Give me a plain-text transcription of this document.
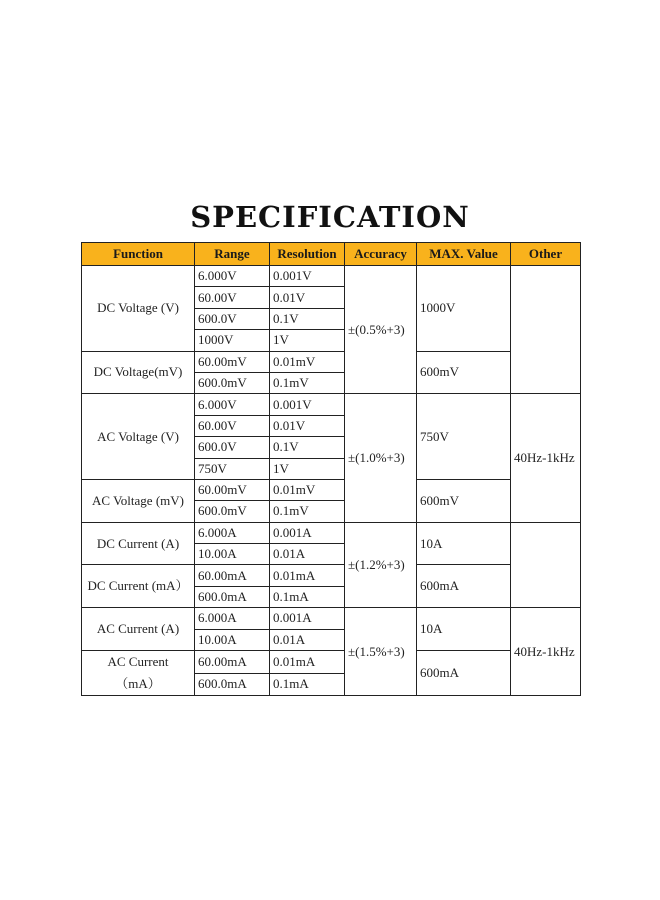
SPECIFICATION
Function	Range	Resolution	Accuracy	MAX. Value	Other
DC Voltage (V)	6.000V	0.001V	±(0.5%+3)	1000V	
	60.00V	0.01V			
	600.0V	0.1V			
	1000V	1V			
DC Voltage(mV)	60.00mV	0.01mV		600mV	
	600.0mV	0.1mV			
AC Voltage (V)	6.000V	0.001V	±(1.0%+3)	750V	40Hz-1kHz
	60.00V	0.01V			
	600.0V	0.1V			
	750V	1V			
AC Voltage (mV)	60.00mV	0.01mV		600mV	
	600.0mV	0.1mV			
DC Current (A)	6.000A	0.001A	±(1.2%+3)	10A	
	10.00A	0.01A			
DC Current (mA）	60.00mA	0.01mA		600mA	
	600.0mA	0.1mA			
AC Current (A)	6.000A	0.001A	±(1.5%+3)	10A	40Hz-1kHz
	10.00A	0.01A			
AC Current
（mA）	60.00mA	0.01mA		600mA	
	600.0mA	0.1mA			
